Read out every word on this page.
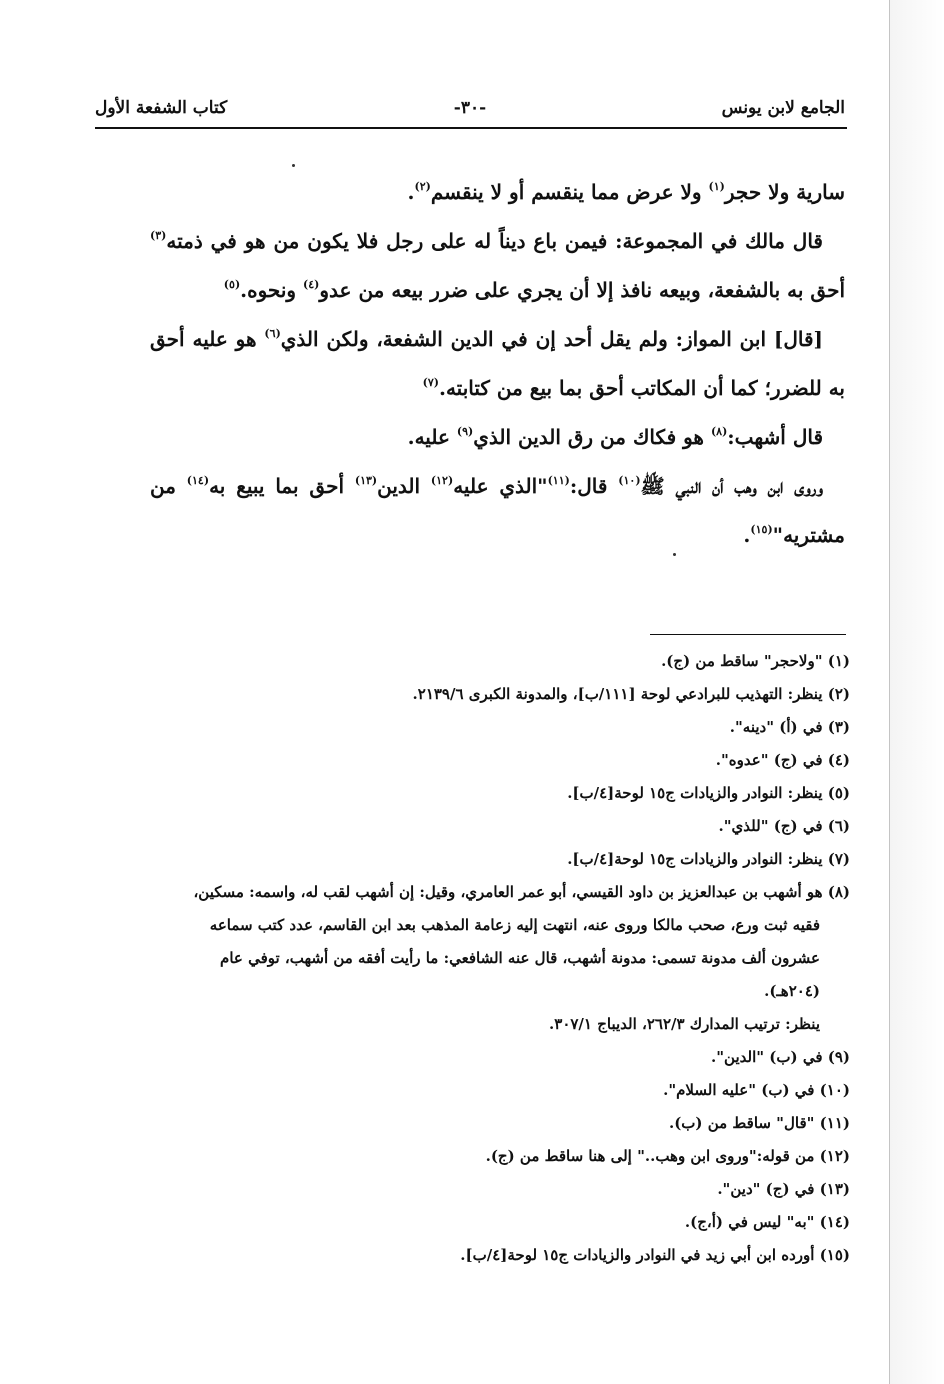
الجامع لابن يونس
-٣٠-
كتاب الشفعة الأول

سارية ولا حجر$^{(١)}$ ولا عرض مما ينقسم أو لا ينقسم$^{(٢)}$.

قال مالك في المجموعة: فيمن باع ديناً له على رجل فلا يكون من هو في ذمته$^{(٣)}$ أحق به بالشفعة، وبيعه نافذ إلا أن يجري على ضرر بيعه من عدو$^{(٤)}$ ونحوه.$^{(٥)}$

[قال] ابن المواز: ولم يقل أحد إن في الدين الشفعة، ولكن الذي$^{(٦)}$ هو عليه أحق به للضرر؛ كما أن المكاتب أحق بما بيع من كتابته.$^{(٧)}$

قال أشهب:$^{(٨)}$ هو فكاك من رق الدين الذي$^{(٩)}$ عليه.

وروى ابن وهب أن النبي ﷺ$^{(١٠)}$ قال:$^{(١١)}$"الذي عليه$^{(١٢)}$ الدين$^{(١٣)}$ أحق بما يبيع به$^{(١٤)}$ من مشتريه"$^{(١٥)}$.

(١) "ولاحجر" ساقط من (ج).

(٢) ينظر: التهذيب للبرادعي لوحة [١١١/ب]، والمدونة الكبرى ٢١٣٩/٦.

(٣) في (أ) "دينه".

(٤) في (ج) "عدوه".

(٥) ينظر: النوادر والزيادات ج١٥ لوحة[٤/ب].

(٦) في (ج) "للذي".

(٧) ينظر: النوادر والزيادات ج١٥ لوحة[٤/ب].

(٨) هو أشهب بن عبدالعزيز بن داود القيسي، أبو عمر العامري، وقيل: إن أشهب لقب له، واسمه: مسكين،

فقيه ثبت ورع، صحب مالكا وروى عنه، انتهت إليه زعامة المذهب بعد ابن القاسم، عدد كتب سماعه

عشرون ألف مدونة تسمى: مدونة أشهب، قال عنه الشافعي: ما رأيت أفقه من أشهب، توفي عام

(٢٠٤هـ).

ينظر: ترتيب المدارك ٢٦٢/٣، الديباج ٣٠٧/١.

(٩) في (ب) "الدين".

(١٠) في (ب) "عليه السلام".

(١١) "قال" ساقط من (ب).

(١٢) من قوله:"وروى ابن وهب.." إلى هنا ساقط من (ج).

(١٣) في (ج) "دين".

(١٤) "به" ليس في (أ،ج).

(١٥) أورده ابن أبي زيد في النوادر والزيادات ج١٥ لوحة[٤/ب].
